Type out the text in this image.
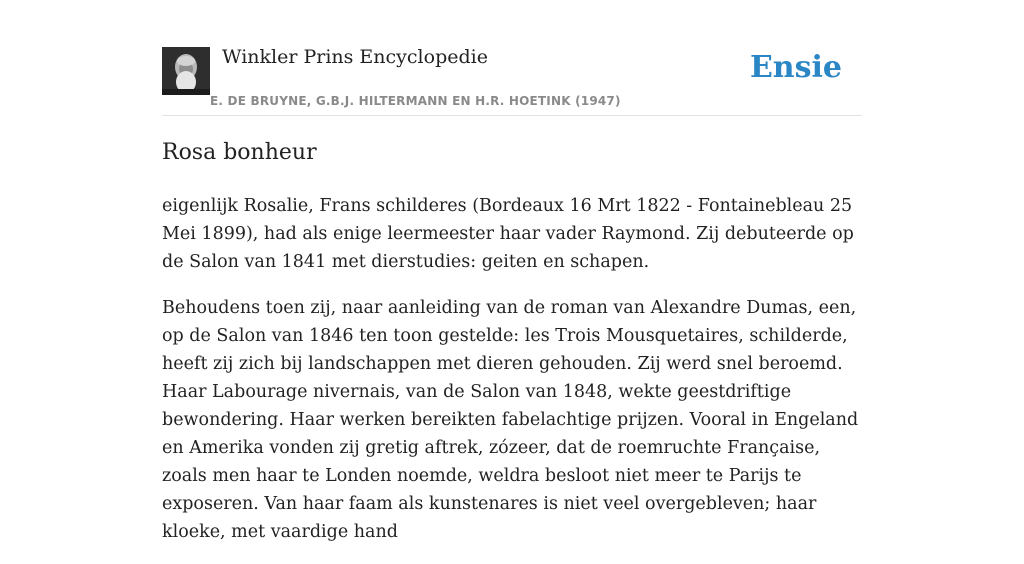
Winkler Prins Encyclopedie
E. DE BRUYNE, G.B.J. HILTERMANN EN H.R. HOETINK (1947)
Ensie
Rosa bonheur

eigenlijk Rosalie, Frans schilderes (Bordeaux 16 Mrt 1822 - Fontainebleau 25 Mei 1899), had als enige leermeester haar vader Raymond. Zij debuteerde op de Salon van 1841 met dierstudies: geiten en schapen.

Behoudens toen zij, naar aanleiding van de roman van Alexandre Dumas, een, op de Salon van 1846 ten toon gestelde: les Trois Mousquetaires, schilderde, heeft zij zich bij landschappen met dieren gehouden. Zij werd snel beroemd. Haar Labourage nivernais, van de Salon van 1848, wekte geestdriftige bewondering. Haar werken bereikten fabelachtige prijzen. Vooral in Engeland en Amerika vonden zij gretig aftrek, zózeer, dat de roemruchte Française, zoals men haar te Londen noemde, weldra besloot niet meer te Parijs te exposeren. Van haar faam als kunstenares is niet veel overgebleven; haar kloeke, met vaardige hand
